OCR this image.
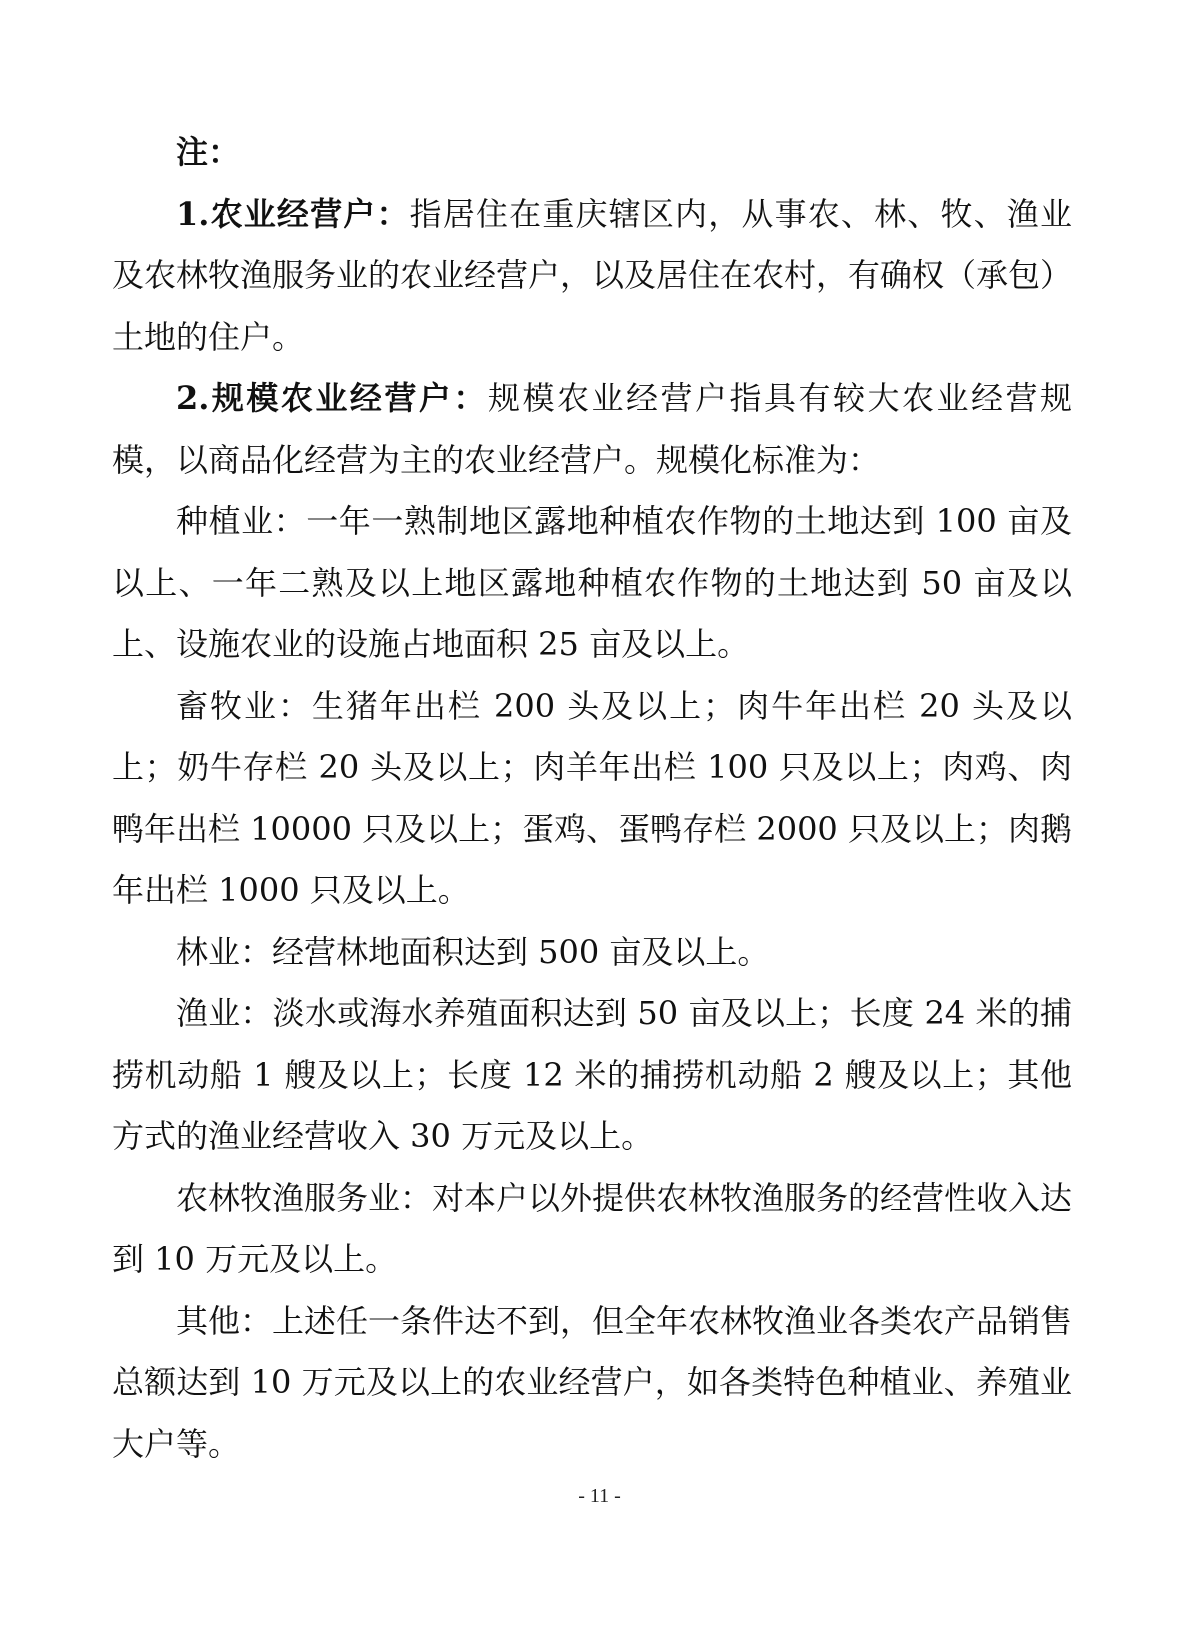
注：

1.农业经营户：指居住在重庆辖区内，从事农、林、牧、渔业及农林牧渔服务业的农业经营户，以及居住在农村，有确权（承包）土地的住户。

2.规模农业经营户：规模农业经营户指具有较大农业经营规模，以商品化经营为主的农业经营户。规模化标准为：

种植业：一年一熟制地区露地种植农作物的土地达到 100 亩及以上、一年二熟及以上地区露地种植农作物的土地达到 50 亩及以上、设施农业的设施占地面积 25 亩及以上。

畜牧业：生猪年出栏 200 头及以上；肉牛年出栏 20 头及以上；奶牛存栏 20 头及以上；肉羊年出栏 100 只及以上；肉鸡、肉鸭年出栏 10000 只及以上；蛋鸡、蛋鸭存栏 2000 只及以上；肉鹅年出栏 1000 只及以上。

林业：经营林地面积达到 500 亩及以上。

渔业：淡水或海水养殖面积达到 50 亩及以上；长度 24 米的捕捞机动船 1 艘及以上；长度 12 米的捕捞机动船 2 艘及以上；其他方式的渔业经营收入 30 万元及以上。

农林牧渔服务业：对本户以外提供农林牧渔服务的经营性收入达到 10 万元及以上。

其他：上述任一条件达不到，但全年农林牧渔业各类农产品销售总额达到 10 万元及以上的农业经营户，如各类特色种植业、养殖业大户等。

- 11 -
